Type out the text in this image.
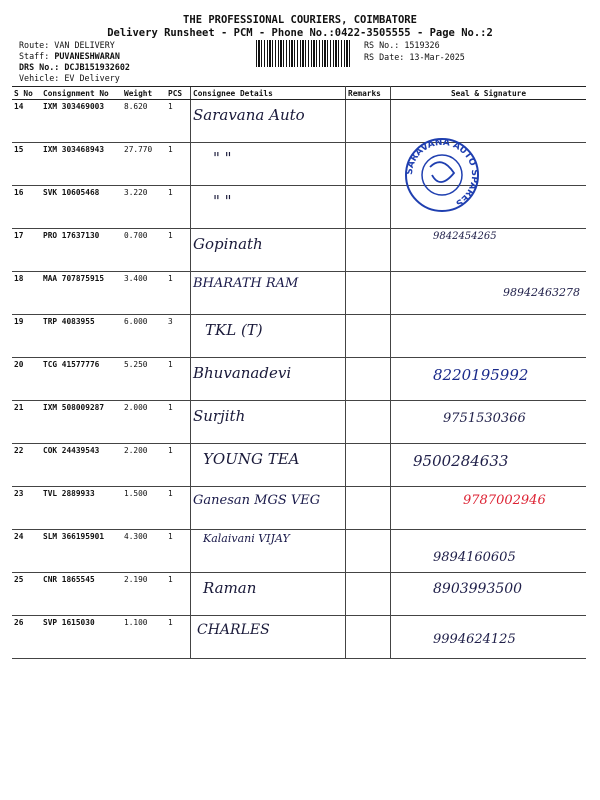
THE PROFESSIONAL COURIERS, COIMBATORE
Delivery Runsheet - PCM - Phone No.:0422-3505555 - Page No.:2
Route: VAN DELIVERY
Staff: PUVANESHWARAN
DRS No.: DCJB151932602
Vehicle: EV Delivery
RS No.: 1519326
RS Date: 13-Mar-2025
S No	Consignment No	Weight	PCS	Consignee Details	Remarks	Seal & Signature
14	IXM 303469003	8.620	1	Saravana Auto		

15	IXM 303468943	27.770	1	" "		

16	SVK 10605468	3.220	1	" "		

17	PRO 17637130	0.700	1	Gopinath		9842454265
18	MAA 707875915	3.400	1	BHARATH RAM		98942463278

19	TRP 4083955	6.000	3	TKL (T)		

20	TCG 41577776	5.250	1	Bhuvanadevi		8220195992

21	IXM 508009287	2.000	1	Surjith		9751530366

22	COK 24439543	2.200	1	YOUNG TEA		9500284633

23	TVL 2889933	1.500	1	Ganesan MGS VEG		9787002946

24	SLM 366195901	4.300	1	Kalaivani VIJAY		9894160605

25	CNR 1865545	2.190	1	Raman		8903993500

26	SVP 1615030	1.100	1	CHARLES		9994624125
SARAVANA AUTO SPARES
